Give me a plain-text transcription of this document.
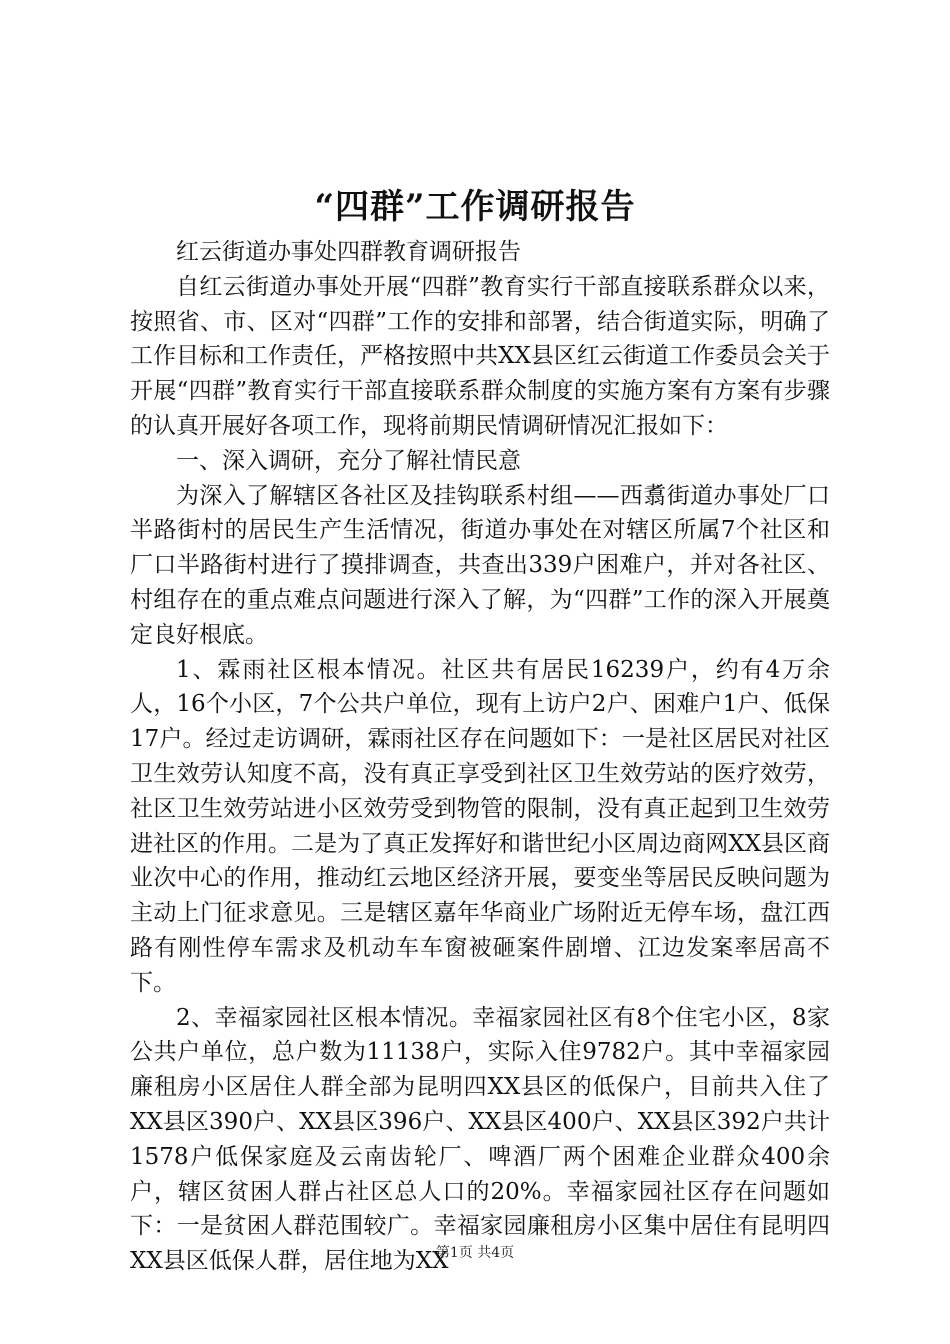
“四群”工作调研报告

红云街道办事处四群教育调研报告

自红云街道办事处开展“四群”教育实行干部直接联系群众以来，按照省、市、区对“四群”工作的安排和部署，结合街道实际，明确了工作目标和工作责任，严格按照中共XX县区红云街道工作委员会关于开展“四群”教育实行干部直接联系群众制度的实施方案有方案有步骤的认真开展好各项工作，现将前期民情调研情况汇报如下：

一、深入调研，充分了解社情民意

为深入了解辖区各社区及挂钩联系村组——西翥街道办事处厂口半路街村的居民生产生活情况，街道办事处在对辖区所属7个社区和厂口半路街村进行了摸排调查，共查出339户困难户，并对各社区、村组存在的重点难点问题进行深入了解，为“四群”工作的深入开展奠定良好根底。

1、霖雨社区根本情况。社区共有居民16239户，约有4万余人，16个小区，7个公共户单位，现有上访户2户、困难户1户、低保17户。经过走访调研，霖雨社区存在问题如下：一是社区居民对社区卫生效劳认知度不高，没有真正享受到社区卫生效劳站的医疗效劳，社区卫生效劳站进小区效劳受到物管的限制，没有真正起到卫生效劳进社区的作用。二是为了真正发挥好和谐世纪小区周边商网XX县区商业次中心的作用，推动红云地区经济开展，要变坐等居民反映问题为主动上门征求意见。三是辖区嘉年华商业广场附近无停车场，盘江西路有刚性停车需求及机动车车窗被砸案件剧增、江边发案率居高不下。

2、幸福家园社区根本情况。幸福家园社区有8个住宅小区，8家公共户单位，总户数为11138户，实际入住9782户。其中幸福家园廉租房小区居住人群全部为昆明四XX县区的低保户，目前共入住了XX县区390户、XX县区396户、XX县区400户、XX县区392户共计1578户低保家庭及云南齿轮厂、啤酒厂两个困难企业群众400余户，辖区贫困人群占社区总人口的20%。幸福家园社区存在问题如下：一是贫困人群范围较广。幸福家园廉租房小区集中居住有昆明四XX县区低保人群，居住地为XX

第1页 共4页
